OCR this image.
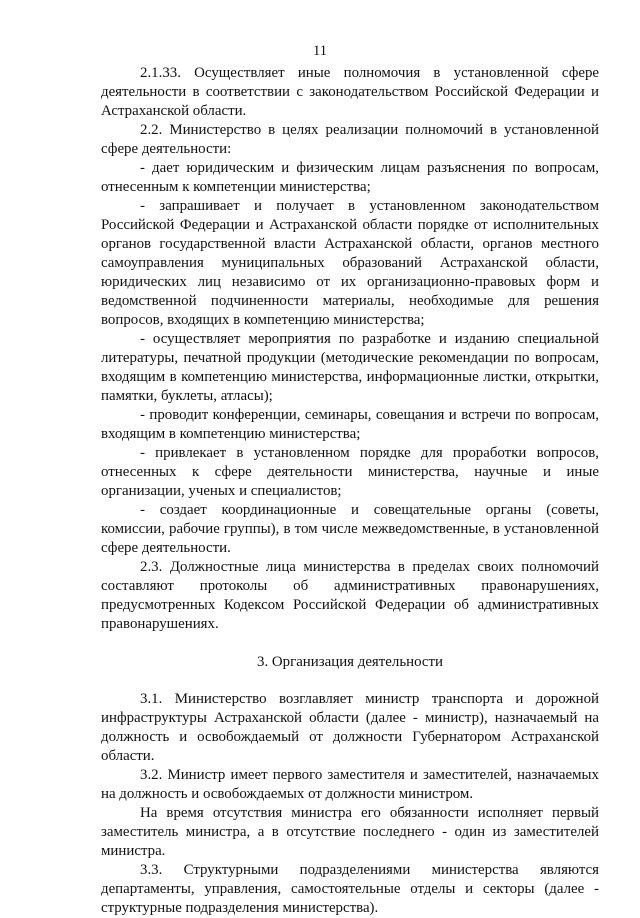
11

2.1.33. Осуществляет иные полномочия в установленной сфере деятельности в соответствии с законодательством Российской Федерации и Астраханской области.

2.2. Министерство в целях реализации полномочий в установленной сфере деятельности:

- дает юридическим и физическим лицам разъяснения по вопросам, отнесенным к компетенции министерства;

- запрашивает и получает в установленном законодательством Российской Федерации и Астраханской области порядке от исполнительных органов государственной власти Астраханской области, органов местного самоуправления муниципальных образований Астраханской области, юридических лиц независимо от их организационно-правовых форм и ведомственной подчиненности материалы, необходимые для решения вопросов, входящих в компетенцию министерства;

- осуществляет мероприятия по разработке и изданию специальной литературы, печатной продукции (методические рекомендации по вопросам, входящим в компетенцию министерства, информационные листки, открытки, памятки, буклеты, атласы);

- проводит конференции, семинары, совещания и встречи по вопросам, входящим в компетенцию министерства;

- привлекает в установленном порядке для проработки вопросов, отнесенных к сфере деятельности министерства, научные и иные организации, ученых и специалистов;

- создает координационные и совещательные органы (советы, комиссии, рабочие группы), в том числе межведомственные, в установленной сфере деятельности.

2.3. Должностные лица министерства в пределах своих полномочий составляют протоколы об административных правонарушениях, предусмотренных Кодексом Российской Федерации об административных правонарушениях.

3. Организация деятельности

3.1. Министерство возглавляет министр транспорта и дорожной инфраструктуры Астраханской области (далее - министр), назначаемый на должность и освобождаемый от должности Губернатором Астраханской области.

3.2. Министр имеет первого заместителя и заместителей, назначаемых на должность и освобождаемых от должности министром.

На время отсутствия министра его обязанности исполняет первый заместитель министра, а в отсутствие последнего - один из заместителей министра.

3.3. Структурными подразделениями министерства являются департаменты, управления, самостоятельные отделы и секторы (далее - структурные подразделения министерства).
